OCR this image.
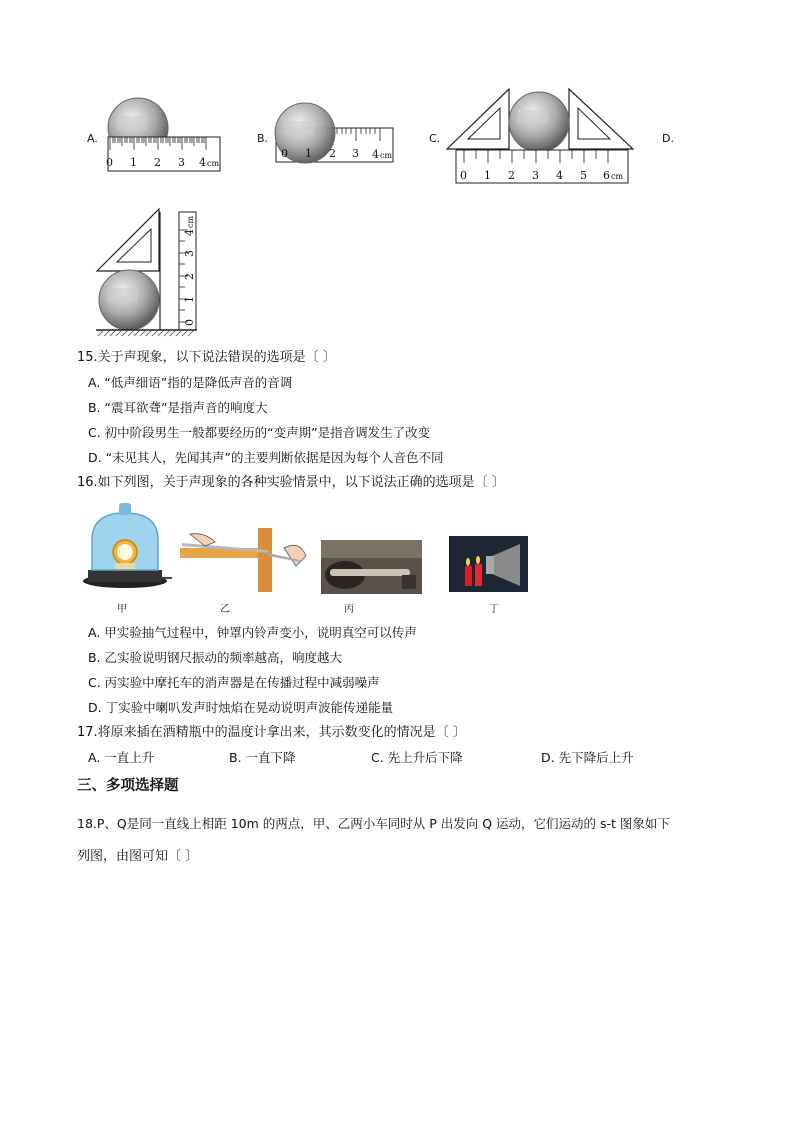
A.	B.	C.	D.
0 1 2 3 4 cm
0 1 2 3 4 cm
0 1 2 3 4 5 6 cm
0
1
2
3
4
cm
15.关于声现象，以下说法错误的选项是〔 〕
A. “低声细语”指的是降低声音的音调
B. “震耳欲聋”是指声音的响度大
C. 初中阶段男生一般都要经历的“变声期”是指音调发生了改变
D. “未见其人，先闻其声”的主要判断依据是因为每个人音色不同
16.如下列图，关于声现象的各种实验情景中，以下说法正确的选项是〔 〕
甲	乙	丙	丁
A. 甲实验抽气过程中，钟罩内铃声变小，说明真空可以传声
B. 乙实验说明钢尺振动的频率越高，响度越大
C. 丙实验中摩托车的消声器是在传播过程中减弱噪声
D. 丁实验中喇叭发声时烛焰在晃动说明声波能传递能量
17.将原来插在酒精瓶中的温度计拿出来，其示数变化的情况是〔 〕
A. 一直上升	B. 一直下降	C. 先上升后下降	D. 先下降后上升
三、多项选择题
18.P、Q是同一直线上相距 10m 的两点，甲、乙两小车同时从 P 出发向 Q 运动，它们运动的 s-t 图象如下
列图，由图可知〔 〕
